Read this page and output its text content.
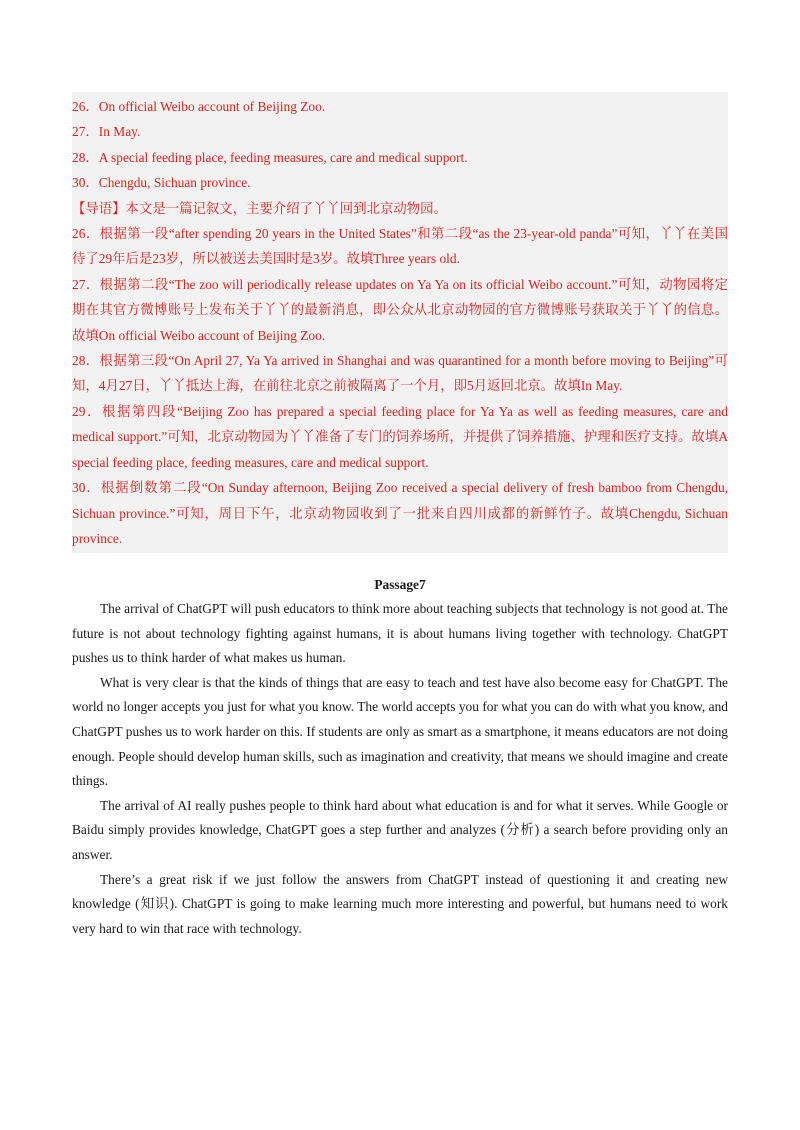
26．On official Weibo account of Beijing Zoo.

27．In May.

28．A special feeding place, feeding measures, care and medical support.

30．Chengdu, Sichuan province.

【导语】本文是一篇记叙文，主要介绍了丫丫回到北京动物园。

26．根据第一段“after spending 20 years in the United States”和第二段“as the 23-year-old panda”可知，丫丫在美国待了29年后是23岁，所以被送去美国时是3岁。故填Three years old.

27．根据第二段“The zoo will periodically release updates on Ya Ya on its official Weibo account.”可知，动物园将定期在其官方微博账号上发布关于丫丫的最新消息，即公众从北京动物园的官方微博账号获取关于丫丫的信息。故填On official Weibo account of Beijing Zoo.

28．根据第三段“On April 27, Ya Ya arrived in Shanghai and was quarantined for a month before moving to Beijing”可知，4月27日，丫丫抵达上海，在前往北京之前被隔离了一个月，即5月返回北京。故填In May.

29．根据第四段“Beijing Zoo has prepared a special feeding place for Ya Ya as well as feeding measures, care and medical support.”可知，北京动物园为丫丫准备了专门的饲养场所，并提供了饲养措施、护理和医疗支持。故填A special feeding place, feeding measures, care and medical support.

30．根据倒数第二段“On Sunday afternoon, Beijing Zoo received a special delivery of fresh bamboo from Chengdu, Sichuan province.”可知，周日下午，北京动物园收到了一批来自四川成都的新鲜竹子。故填Chengdu, Sichuan province.

Passage7

The arrival of ChatGPT will push educators to think more about teaching subjects that technology is not good at. The future is not about technology fighting against humans, it is about humans living together with technology. ChatGPT pushes us to think harder of what makes us human.

What is very clear is that the kinds of things that are easy to teach and test have also become easy for ChatGPT. The world no longer accepts you just for what you know. The world accepts you for what you can do with what you know, and ChatGPT pushes us to work harder on this. If students are only as smart as a smartphone, it means educators are not doing enough. People should develop human skills, such as imagination and creativity, that means we should imagine and create things.

The arrival of AI really pushes people to think hard about what education is and for what it serves. While Google or Baidu simply provides knowledge, ChatGPT goes a step further and analyzes (分析) a search before providing only an answer.

There’s a great risk if we just follow the answers from ChatGPT instead of questioning it and creating new knowledge (知识). ChatGPT is going to make learning much more interesting and powerful, but humans need to work very hard to win that race with technology.
